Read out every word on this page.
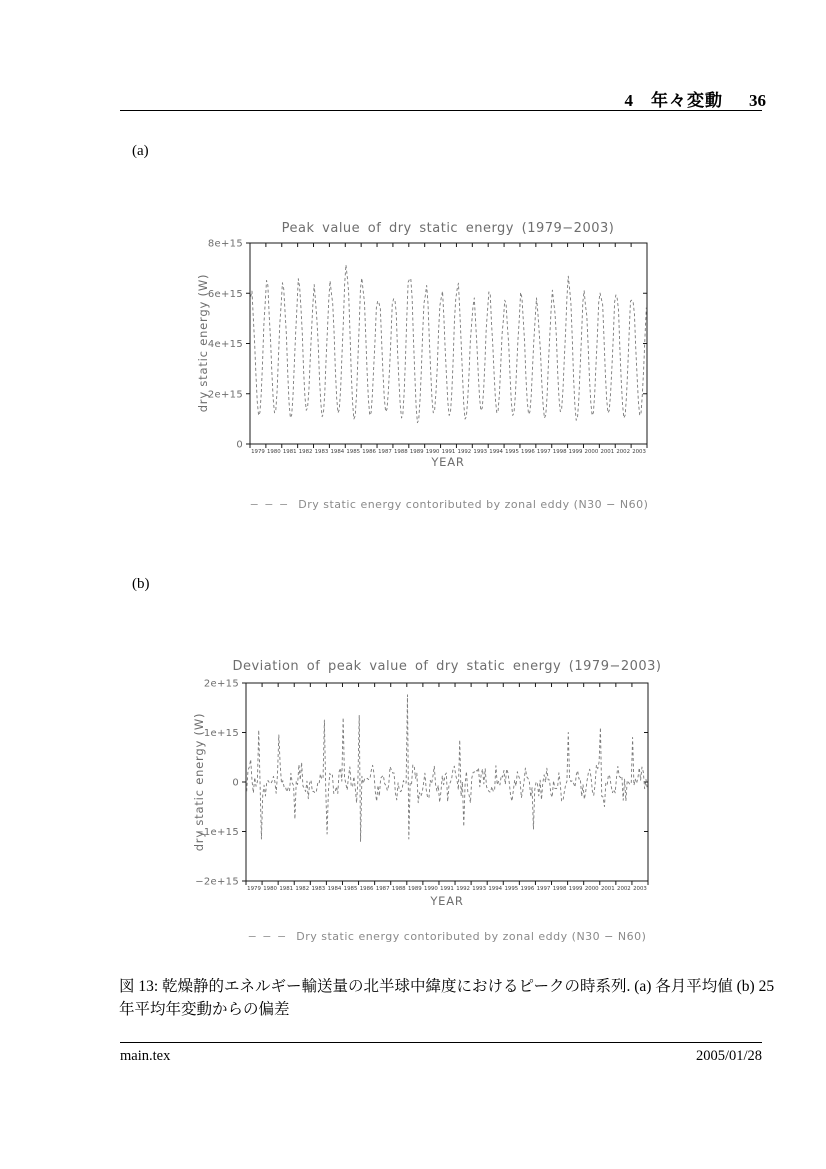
4 年々変動 36
(a)
Peak value of dry static energy (1979−2003)
0
2e+15
4e+15
6e+15
8e+15
dry static energy (W)
YEAR
1979 1980 1981 1982 1983 1984 1985 1986 1987 1988 1989 1990 1991 1992 1993 1994 1995 1996 1997 1998 1999 2000 2001 2002 2003
− − − Dry static energy contoributed by zonal eddy (N30 − N60)
(b)
Deviation of peak value of dry static energy (1979−2003)
−2e+15
−1e+15
0
1e+15
2e+15
dry static energy (W)
YEAR
1979 1980 1981 1982 1983 1984 1985 1986 1987 1988 1989 1990 1991 1992 1993 1994 1995 1996 1997 1998 1999 2000 2001 2002 2003
− − − Dry static energy contoributed by zonal eddy (N30 − N60)
図 13: 乾燥静的エネルギー輸送量の北半球中緯度におけるピークの時系列. (a) 各月平均値 (b) 25
年平均年変動からの偏差
main.tex	2005/01/28
